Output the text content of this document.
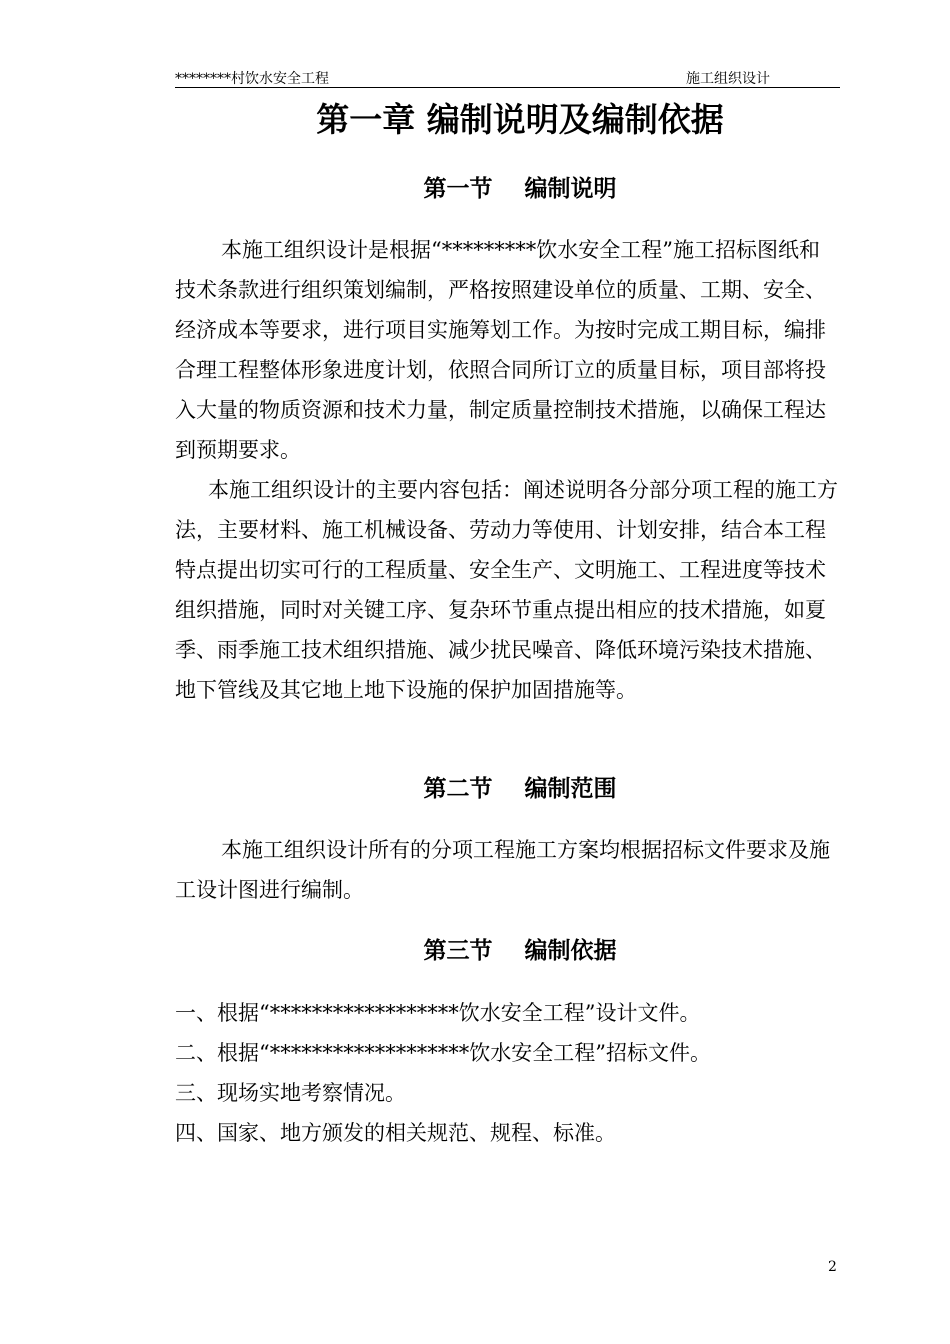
********村饮水安全工程	施工组织设计
第一章 编制说明及编制依据
第一节    编制说明

本施工组织设计是根据“*********饮水安全工程”施工招标图纸和技术条款进行组织策划编制，严格按照建设单位的质量、工期、安全、经济成本等要求，进行项目实施筹划工作。为按时完成工期目标，编排合理工程整体形象进度计划，依照合同所订立的质量目标，项目部将投入大量的物质资源和技术力量，制定质量控制技术措施，以确保工程达到预期要求。

本施工组织设计的主要内容包括：阐述说明各分部分项工程的施工方法，主要材料、施工机械设备、劳动力等使用、计划安排，结合本工程特点提出切实可行的工程质量、安全生产、文明施工、工程进度等技术组织措施，同时对关键工序、复杂环节重点提出相应的技术措施，如夏季、雨季施工技术组织措施、减少扰民噪音、降低环境污染技术措施、地下管线及其它地上地下设施的保护加固措施等。

第二节    编制范围

本施工组织设计所有的分项工程施工方案均根据招标文件要求及施工设计图进行编制。

第三节    编制依据

一、根据“******************饮水安全工程”设计文件。

二、根据“*******************饮水安全工程”招标文件。

三、现场实地考察情况。

四、国家、地方颁发的相关规范、规程、标准。

2
